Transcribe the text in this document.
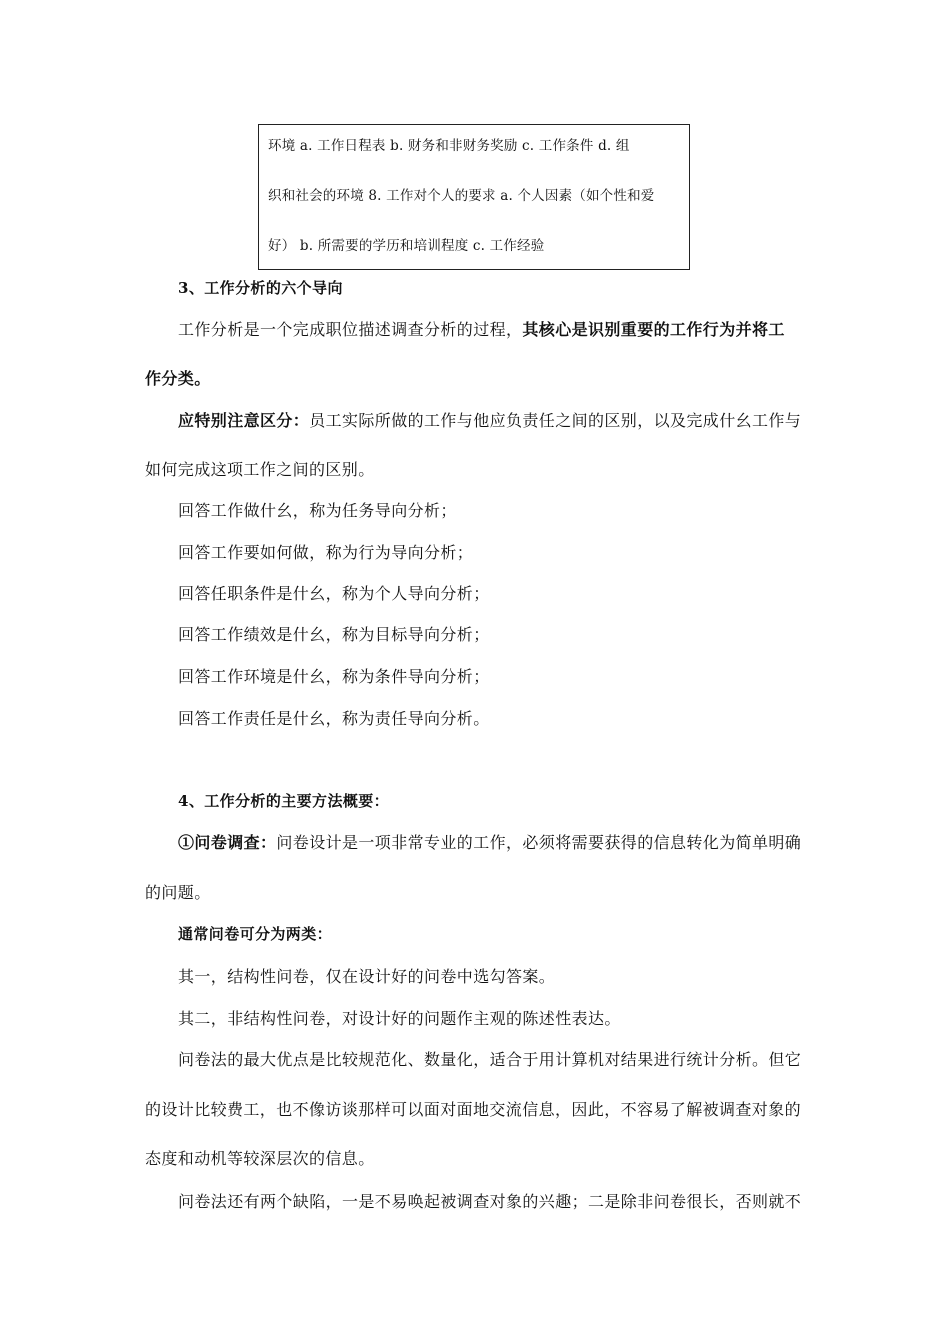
环境 a. 工作日程表 b. 财务和非财务奖励 c. 工作条件 d. 组
织和社会的环境 8. 工作对个人的要求 a. 个人因素（如个性和爱
好） b. 所需要的学历和培训程度 c. 工作经验
3、工作分析的六个导向
工作分析是一个完成职位描述调查分析的过程，其核心是识别重要的工作行为并将工
作分类。
应特别注意区分：员工实际所做的工作与他应负责任之间的区别，以及完成什幺工作与
如何完成这项工作之间的区别。
回答工作做什幺，称为任务导向分析；
回答工作要如何做，称为行为导向分析；
回答任职条件是什幺，称为个人导向分析；
回答工作绩效是什幺，称为目标导向分析；
回答工作环境是什幺，称为条件导向分析；
回答工作责任是什幺，称为责任导向分析。
4、工作分析的主要方法概要：
①问卷调查：问卷设计是一项非常专业的工作，必须将需要获得的信息转化为简单明确
的问题。
通常问卷可分为两类：
其一，结构性问卷，仅在设计好的问卷中选勾答案。
其二，非结构性问卷，对设计好的问题作主观的陈述性表达。
问卷法的最大优点是比较规范化、数量化，适合于用计算机对结果进行统计分析。但它
的设计比较费工，也不像访谈那样可以面对面地交流信息，因此，不容易了解被调查对象的
态度和动机等较深层次的信息。
问卷法还有两个缺陷，一是不易唤起被调查对象的兴趣；二是除非问卷很长，否则就不
